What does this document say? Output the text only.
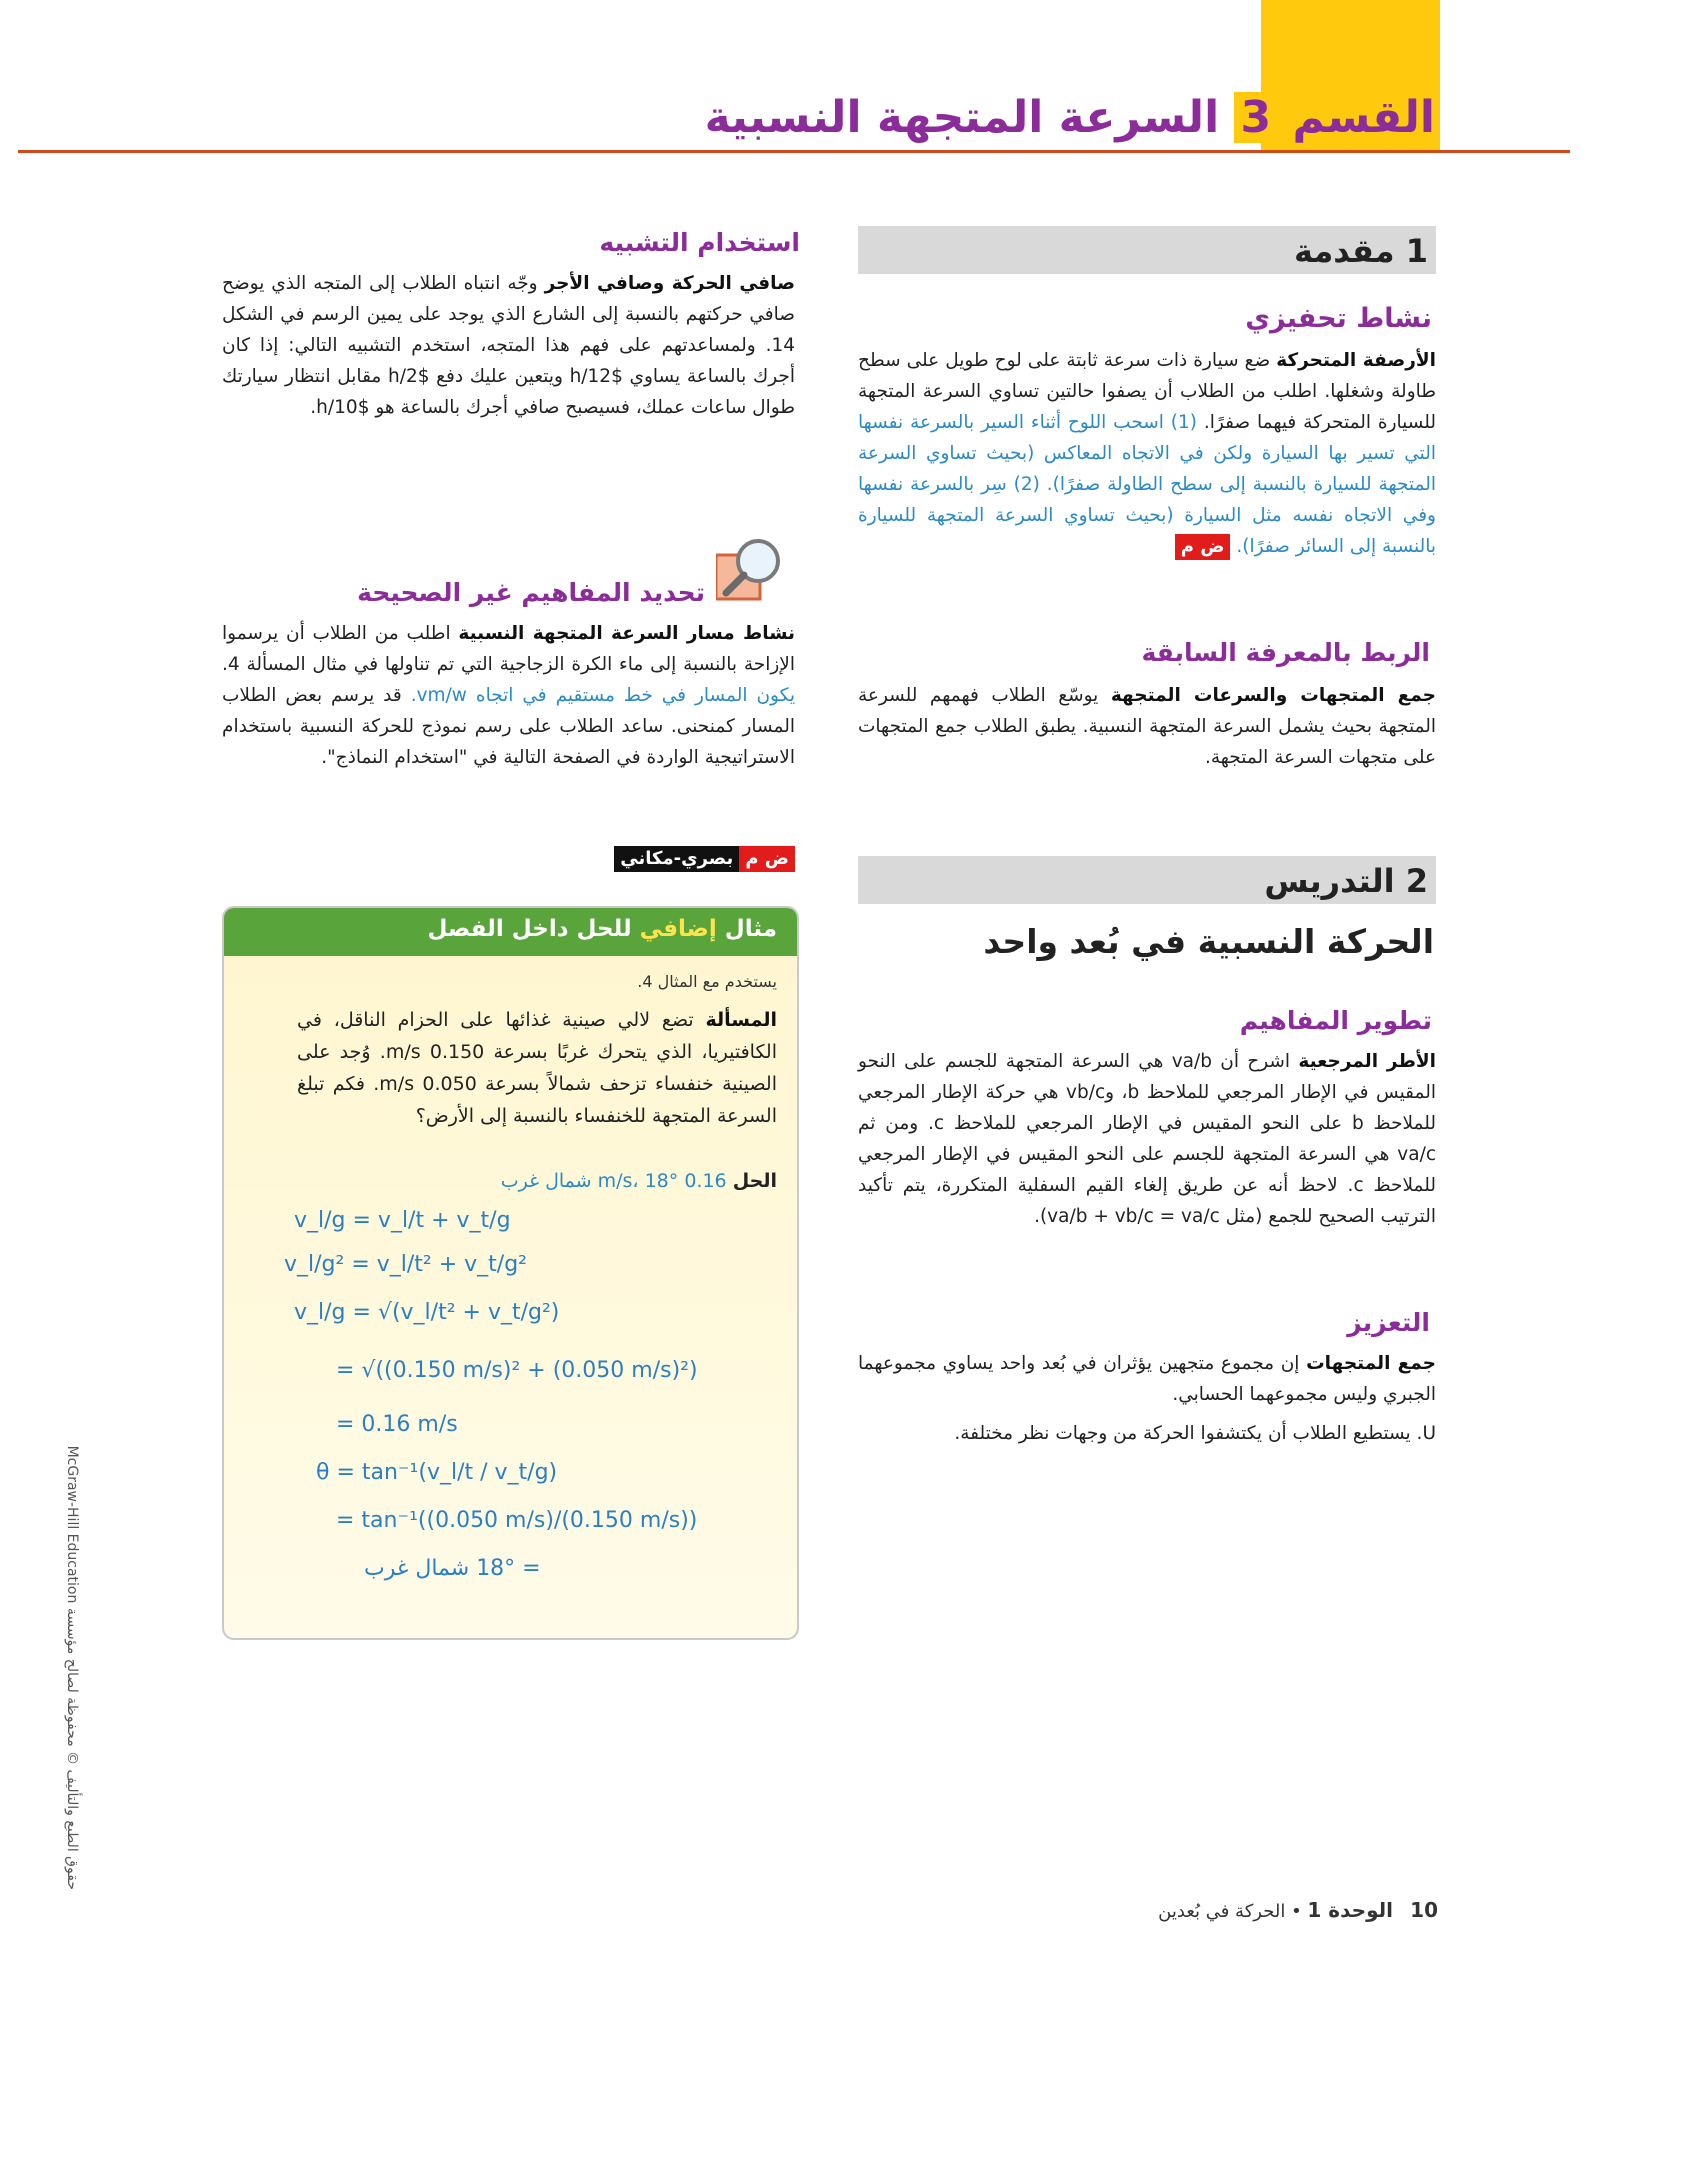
القسم 3 السرعة المتجهة النسبية
1 مقدمة
نشاط تحفيزي
الأرصفة المتحركة ضع سيارة ذات سرعة ثابتة على لوح طويل على سطح طاولة وشغلها. اطلب من الطلاب أن يصفوا حالتين تساوي السرعة المتجهة للسيارة المتحركة فيهما صفرًا. (1) اسحب اللوح أثناء السير بالسرعة نفسها التي تسير بها السيارة ولكن في الاتجاه المعاكس (بحيث تساوي السرعة المتجهة للسيارة بالنسبة إلى سطح الطاولة صفرًا). (2) سِر بالسرعة نفسها وفي الاتجاه نفسه مثل السيارة (بحيث تساوي السرعة المتجهة للسيارة بالنسبة إلى السائر صفرًا). ض م
الربط بالمعرفة السابقة
جمع المتجهات والسرعات المتجهة يوسّع الطلاب فهمهم للسرعة المتجهة بحيث يشمل السرعة المتجهة النسبية. يطبق الطلاب جمع المتجهات على متجهات السرعة المتجهة.
2 التدريس
الحركة النسبية في بُعد واحد
تطوير المفاهيم
الأطر المرجعية اشرح أن va/b هي السرعة المتجهة للجسم على النحو المقيس في الإطار المرجعي للملاحظ b، وvb/c هي حركة الإطار المرجعي للملاحظ b على النحو المقيس في الإطار المرجعي للملاحظ c. ومن ثم va/c هي السرعة المتجهة للجسم على النحو المقيس في الإطار المرجعي للملاحظ c. لاحظ أنه عن طريق إلغاء القيم السفلية المتكررة، يتم تأكيد الترتيب الصحيح للجمع (مثل va/b + vb/c = va/c).
التعزيز
جمع المتجهات إن مجموع متجهين يؤثران في بُعد واحد يساوي مجموعهما الجبري وليس مجموعهما الحسابي.
U. يستطيع الطلاب أن يكتشفوا الحركة من وجهات نظر مختلفة.
استخدام التشبيه
صافي الحركة وصافي الأجر وجّه انتباه الطلاب إلى المتجه الذي يوضح صافي حركتهم بالنسبة إلى الشارع الذي يوجد على يمين الرسم في الشكل 14. ولمساعدتهم على فهم هذا المتجه، استخدم التشبيه التالي: إذا كان أجرك بالساعة يساوي $12/h ويتعين عليك دفع $2/h مقابل انتظار سيارتك طوال ساعات عملك، فسيصبح صافي أجرك بالساعة هو $10/h.
تحديد المفاهيم غير الصحيحة
نشاط مسار السرعة المتجهة النسبية اطلب من الطلاب أن يرسموا الإزاحة بالنسبة إلى ماء الكرة الزجاجية التي تم تناولها في مثال المسألة 4. يكون المسار في خط مستقيم في اتجاه vm/w. قد يرسم بعض الطلاب المسار كمنحنى. ساعد الطلاب على رسم نموذج للحركة النسبية باستخدام الاستراتيجية الواردة في الصفحة التالية في "استخدام النماذج".
ض مبصري-مكاني
مثال إضافي للحل داخل الفصل
يستخدم مع المثال 4.
المسألة تضع لالي صينية غذائها على الحزام الناقل، في الكافتيريا، الذي يتحرك غربًا بسرعة 0.150 m/s. وُجد على الصينية خنفساء تزحف شمالاً بسرعة 0.050 m/s. فكم تبلغ السرعة المتجهة للخنفساء بالنسبة إلى الأرض؟
الحل 0.16 m/s، 18° شمال غرب
v_l/g = v_l/t + v_t/g
v_l/g² = v_l/t² + v_t/g²
v_l/g = √(v_l/t² + v_t/g²)
= √((0.150 m/s)² + (0.050 m/s)²)
= 0.16 m/s
θ = tan⁻¹(v_l/t / v_t/g)
= tan⁻¹((0.050 m/s)/(0.150 m/s))
= 18° شمال غرب
حقوق الطبع والتأليف © محفوظة لصالح مؤسسة McGraw-Hill Education
10   الوحدة 1 • الحركة في بُعدين
